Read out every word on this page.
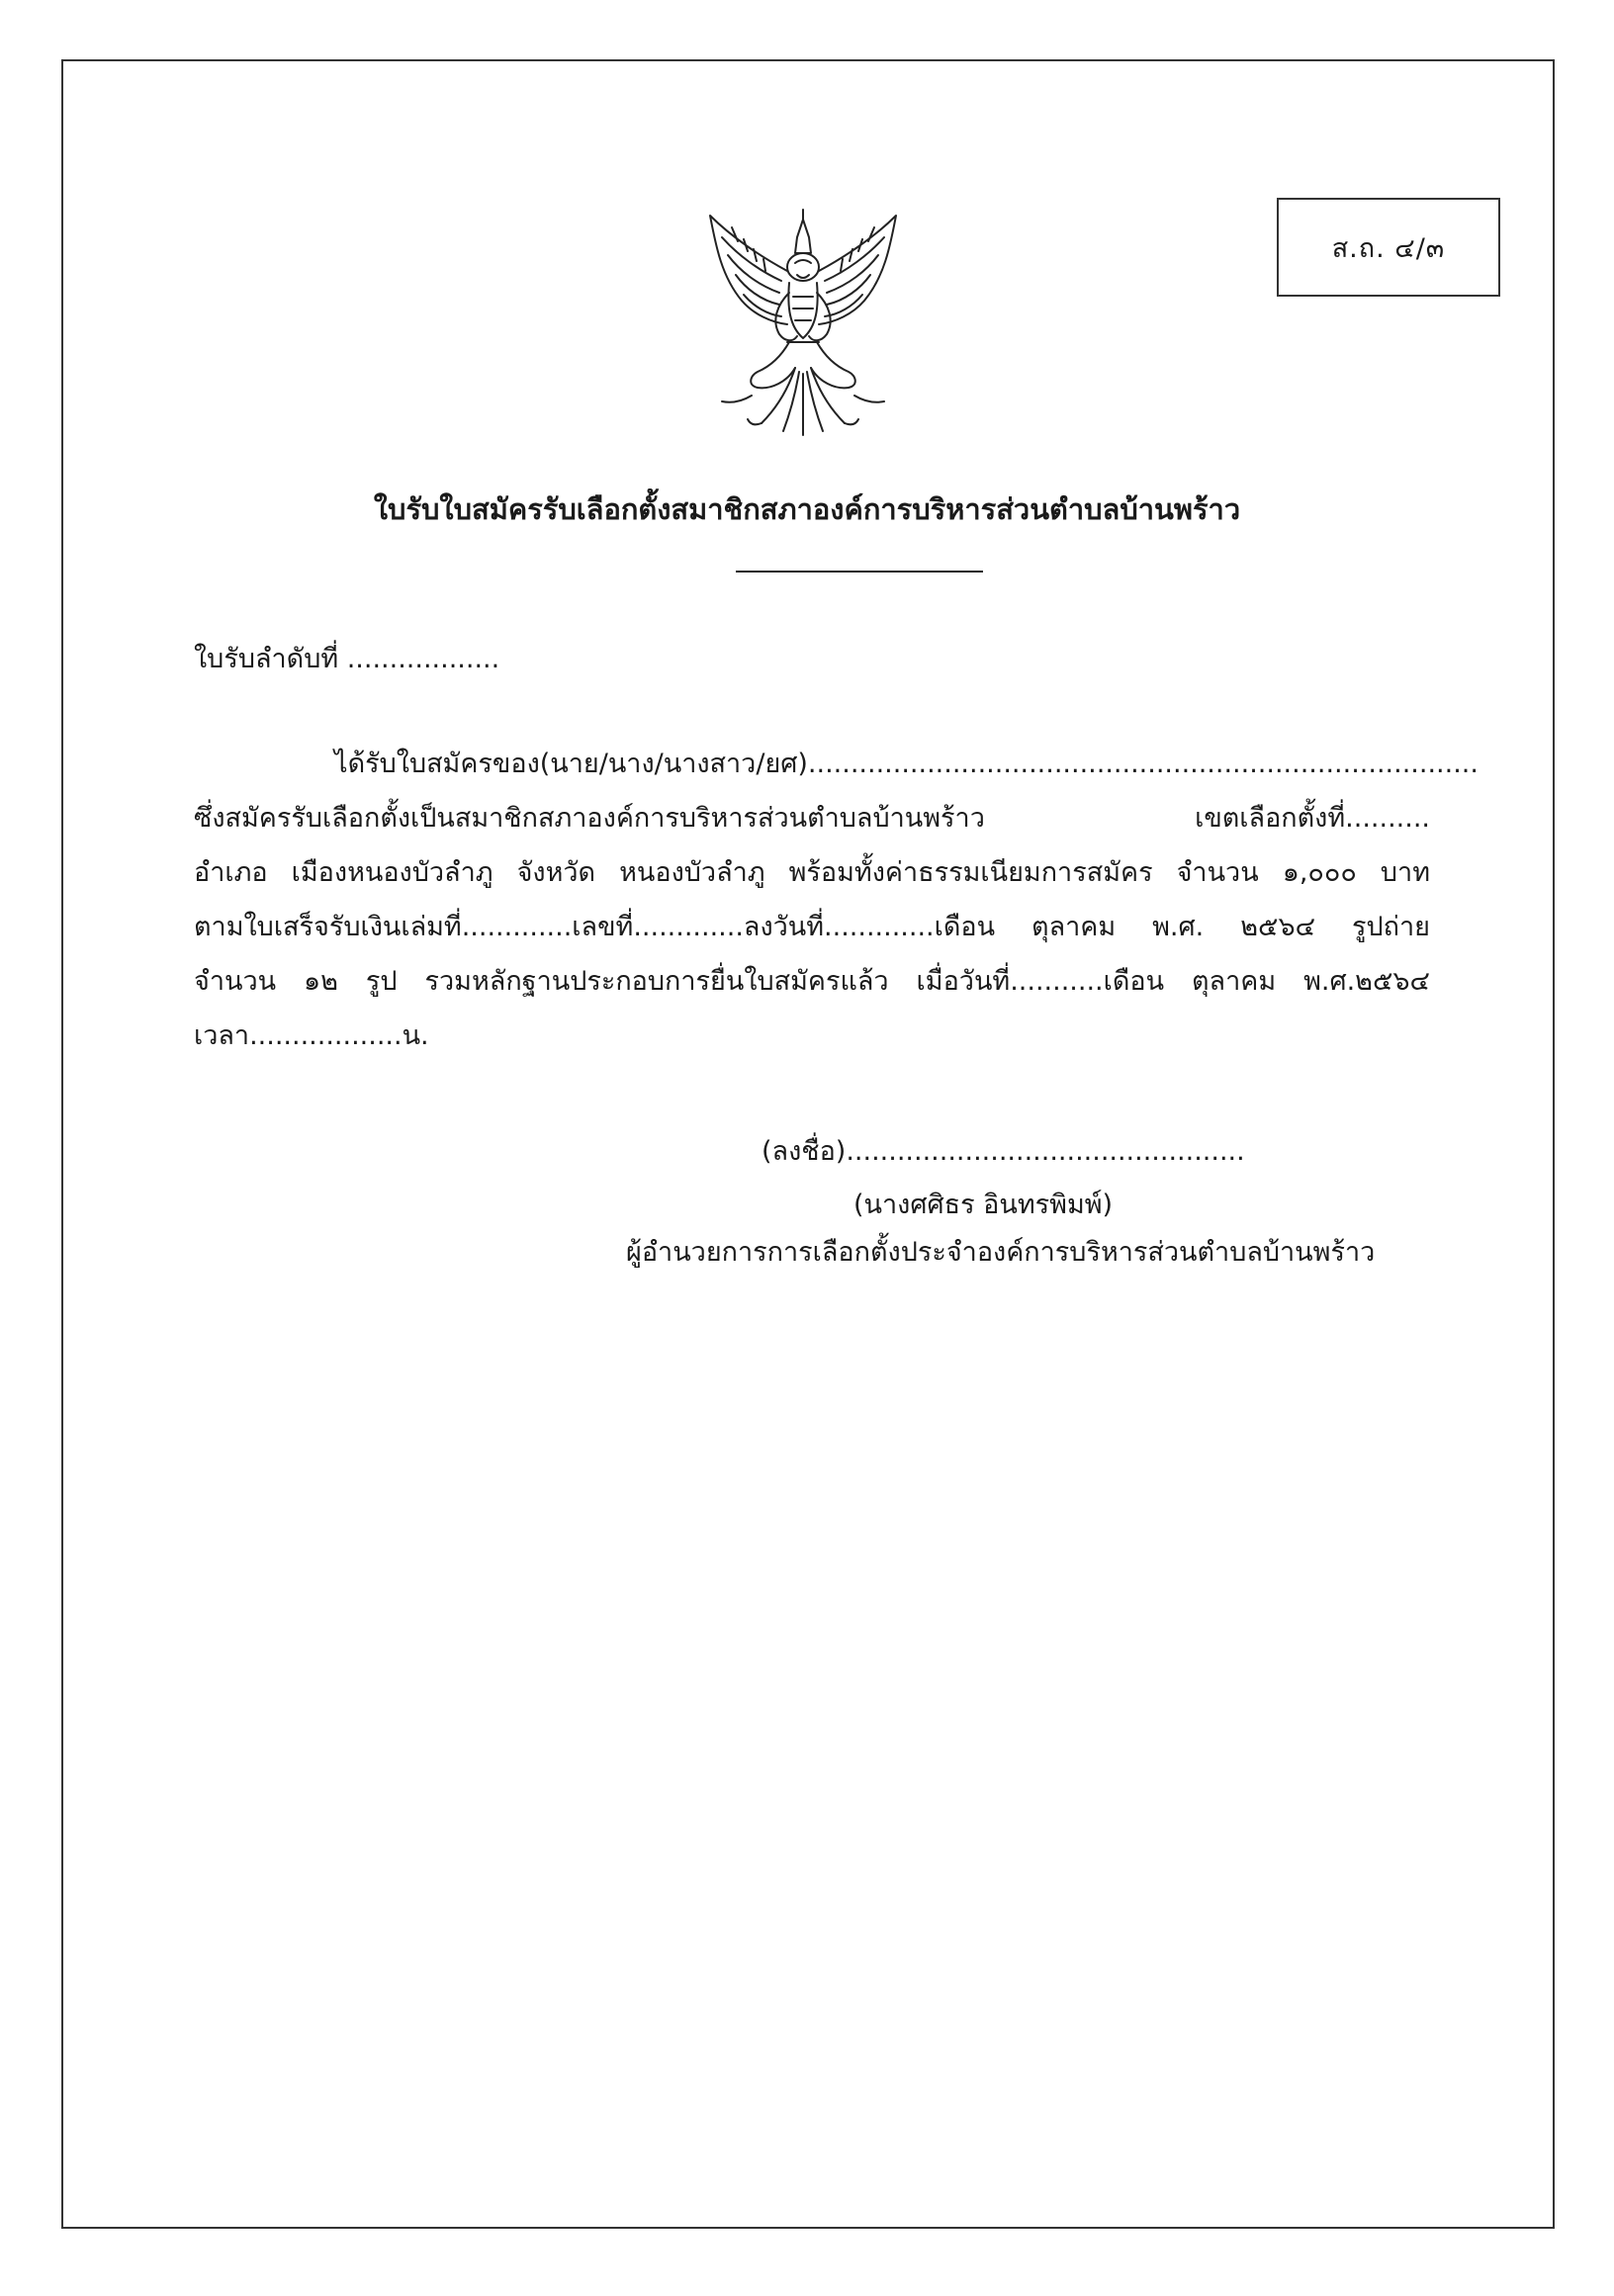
ส.ถ. ๔/๓
ใบรับใบสมัครรับเลือกตั้งสมาชิกสภาองค์การบริหารส่วนตำบลบ้านพร้าว
ใบรับลำดับที่ ..................
ได้รับใบสมัครของ(นาย/นาง/นางสาว/ยศ)...............................................................................
ซึ่งสมัครรับเลือกตั้งเป็นสมาชิกสภาองค์การบริหารส่วนตำบลบ้านพร้าว เขตเลือกตั้งที่..........
อำเภอ เมืองหนองบัวลำภู จังหวัด หนองบัวลำภู พร้อมทั้งค่าธรรมเนียมการสมัคร จำนวน ๑,๐๐๐ บาท
ตามใบเสร็จรับเงินเล่มที่.............เลขที่.............ลงวันที่.............เดือน ตุลาคม พ.ศ. ๒๕๖๔ รูปถ่าย
จำนวน ๑๒ รูป รวมหลักฐานประกอบการยื่นใบสมัครแล้ว เมื่อวันที่...........เดือน ตุลาคม พ.ศ.๒๕๖๔
เวลา..................น.
(ลงชื่อ)...............................................
(นางศศิธร อินทรพิมพ์)
ผู้อำนวยการการเลือกตั้งประจำองค์การบริหารส่วนตำบลบ้านพร้าว
